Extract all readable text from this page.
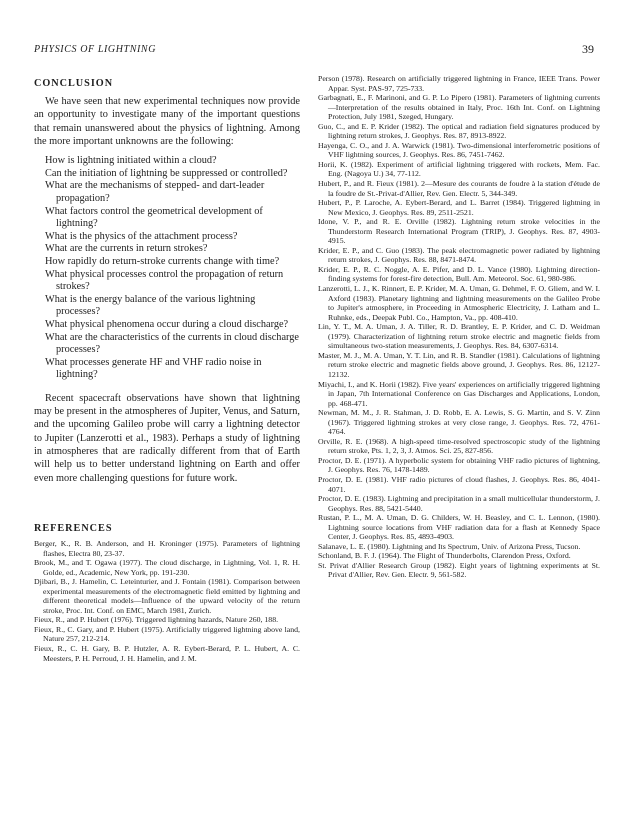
PHYSICS OF LIGHTNING	39
CONCLUSION

We have seen that new experimental techniques now provide an opportunity to investigate many of the important questions that remain unanswered about the physics of lightning. Among the more important unknowns are the following:

How is lightning initiated within a cloud?
Can the initiation of lightning be suppressed or controlled?
What are the mechanisms of stepped- and dart-leader propagation?
What factors control the geometrical development of lightning?
What is the physics of the attachment process?
What are the currents in return strokes?
How rapidly do return-stroke currents change with time?
What physical processes control the propagation of return strokes?
What is the energy balance of the various lightning processes?
What physical phenomena occur during a cloud discharge?
What are the characteristics of the currents in cloud discharge processes?
What processes generate HF and VHF radio noise in lightning?

Recent spacecraft observations have shown that lightning may be present in the atmospheres of Jupiter, Venus, and Saturn, and the upcoming Galileo probe will carry a lightning detector to Jupiter (Lanzerotti et al., 1983). Perhaps a study of lightning in atmospheres that are radically different from that of Earth will help us to better understand lightning on Earth and offer even more challenging questions for future work.

REFERENCES

Berger, K., R. B. Anderson, and H. Kroninger (1975). Parameters of lightning flashes, Electra 80, 23-37.

Brook, M., and T. Ogawa (1977). The cloud discharge, in Lightning, Vol. 1, R. H. Golde, ed., Academic, New York, pp. 191-230.

Djibari, B., J. Hamelin, C. Leteinturier, and J. Fontain (1981). Comparison between experimental measurements of the electromagnetic field emitted by lightning and different theoretical models—Influence of the upward velocity of the return stroke, Proc. Int. Conf. on EMC, March 1981, Zurich.

Fieux, R., and P. Hubert (1976). Triggered lightning hazards, Nature 260, 188.

Fieux, R., C. Gary, and P. Hubert (1975). Artificially triggered lightning above land, Nature 257, 212-214.

Fieux, R., C. H. Gary, B. P. Hutzler, A. R. Eybert-Berard, P. L. Hubert, A. C. Meesters, P. H. Perroud, J. H. Hamelin, and J. M.

Person (1978). Research on artificially triggered lightning in France, IEEE Trans. Power Appar. Syst. PAS-97, 725-733.

Garbagnati, E., F. Marinoni, and G. P. Lo Pipero (1981). Parameters of lightning currents—Interpretation of the results obtained in Italy, Proc. 16th Int. Conf. on Lightning Protection, July 1981, Szeged, Hungary.

Guo, C., and E. P. Krider (1982). The optical and radiation field signatures produced by lightning return strokes, J. Geophys. Res. 87, 8913-8922.

Hayenga, C. O., and J. A. Warwick (1981). Two-dimensional interferometric positions of VHF lightning sources, J. Geophys. Res. 86, 7451-7462.

Horii, K. (1982). Experiment of artificial lightning triggered with rockets, Mem. Fac. Eng. (Nagoya U.) 34, 77-112.

Hubert, P., and R. Fieux (1981). 2—Mesure des courants de foudre à la station d'étude de la foudre de St.-Privat-d'Allier, Rev. Gen. Electr. 5, 344-349.

Hubert, P., P. Laroche, A. Eybert-Berard, and L. Barret (1984). Triggered lightning in New Mexico, J. Geophys. Res. 89, 2511-2521.

Idone, V. P., and R. E. Orville (1982). Lightning return stroke velocities in the Thunderstorm Research International Program (TRIP), J. Geophys. Res. 87, 4903-4915.

Krider, E. P., and C. Guo (1983). The peak electromagnetic power radiated by lightning return strokes, J. Geophys. Res. 88, 8471-8474.

Krider, E. P., R. C. Noggle, A. E. Pifer, and D. L. Vance (1980). Lightning direction-finding systems for forest-fire detection, Bull. Am. Meteorol. Soc. 61, 980-986.

Lanzerotti, L. J., K. Rinnert, E. P. Krider, M. A. Uman, G. Dehmel, F. O. Gliem, and W. I. Axford (1983). Planetary lightning and lightning measurements on the Galileo Probe to Jupiter's atmosphere, in Proceeding in Atmospheric Electricity, J. Latham and L. Ruhnke, eds., Deepak Publ. Co., Hampton, Va., pp. 408-410.

Lin, Y. T., M. A. Uman, J. A. Tiller, R. D. Brantley, E. P. Krider, and C. D. Weidman (1979). Characterization of lightning return stroke electric and magnetic fields from simultaneous two-station measurements, J. Geophys. Res. 84, 6307-6314.

Master, M. J., M. A. Uman, Y. T. Lin, and R. B. Standler (1981). Calculations of lightning return stroke electric and magnetic fields above ground, J. Geophys. Res. 86, 12127-12132.

Miyachi, I., and K. Horii (1982). Five years' experiences on artificially triggered lightning in Japan, 7th International Conference on Gas Discharges and Applications, London, pp. 468-471.

Newman, M. M., J. R. Stahman, J. D. Robb, E. A. Lewis, S. G. Martin, and S. V. Zinn (1967). Triggered lightning strokes at very close range, J. Geophys. Res. 72, 4761-4764.

Orville, R. E. (1968). A high-speed time-resolved spectroscopic study of the lightning return stroke, Pts. 1, 2, 3, J. Atmos. Sci. 25, 827-856.

Proctor, D. E. (1971). A hyperbolic system for obtaining VHF radio pictures of lightning, J. Geophys. Res. 76, 1478-1489.

Proctor, D. E. (1981). VHF radio pictures of cloud flashes, J. Geophys. Res. 86, 4041-4071.

Proctor, D. E. (1983). Lightning and precipitation in a small multicellular thunderstorm, J. Geophys. Res. 88, 5421-5440.

Rustan, P. L., M. A. Uman, D. G. Childers, W. H. Beasley, and C. L. Lennon, (1980). Lightning source locations from VHF radiation data for a flash at Kennedy Space Center, J. Geophys. Res. 85, 4893-4903.

Salanave, L. E. (1980). Lightning and Its Spectrum, Univ. of Arizona Press, Tucson.

Schonland, B. F. J. (1964). The Flight of Thunderbolts, Clarendon Press, Oxford.

St. Privat d'Allier Research Group (1982). Eight years of lightning experiments at St. Privat d'Allier, Rev. Gen. Electr. 9, 561-582.
